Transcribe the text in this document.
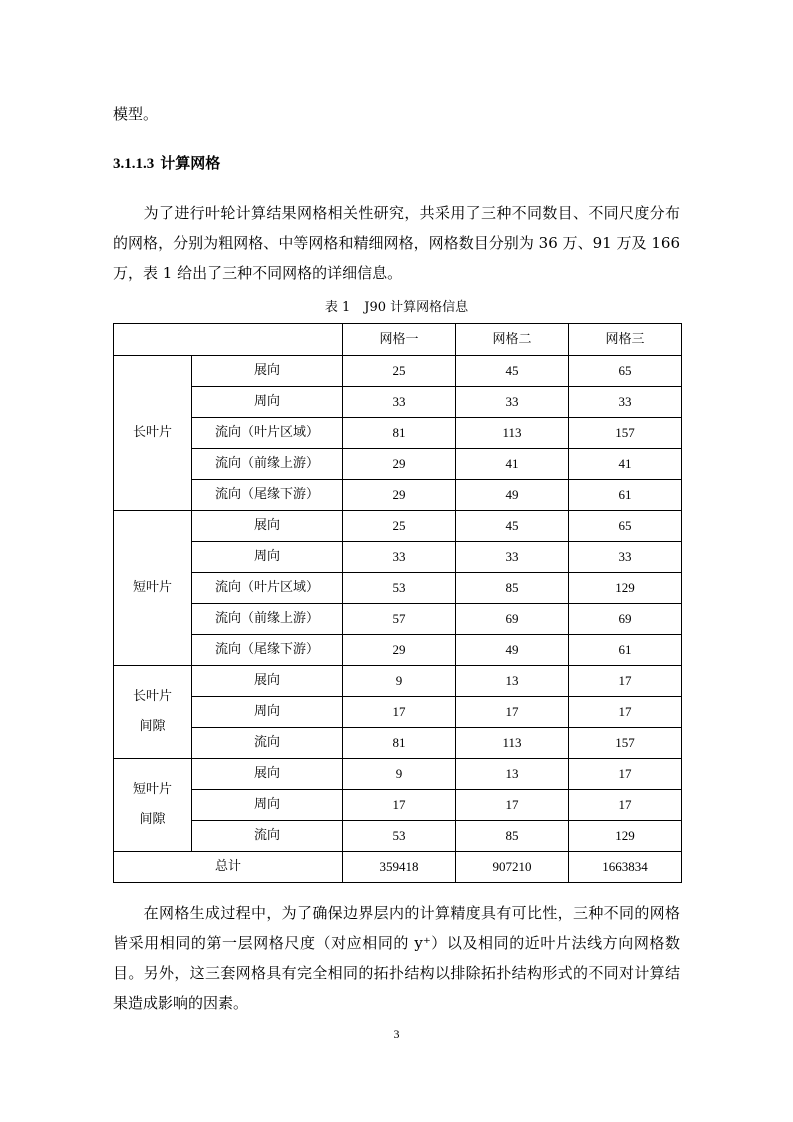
模型。
3.1.1.3 计算网格
　　为了进行叶轮计算结果网格相关性研究，共采用了三种不同数目、不同尺度分布的网格，分别为粗网格、中等网格和精细网格，网格数目分别为 36 万、91 万及 166 万，表 1 给出了三种不同网格的详细信息。
表 1 J90 计算网格信息
		网格一	网格二	网格三

长叶片	展向	25	45	65
	周向	33	33	33
	流向（叶片区域）	81	113	157
	流向（前缘上游）	29	41	41
	流向（尾缘下游）	29	49	61

短叶片	展向	25	45	65
	周向	33	33	33
	流向（叶片区域）	53	85	129
	流向（前缘上游）	57	69	69
	流向（尾缘下游）	29	49	61

长叶片
间隙	展向	9	13	17
	周向	17	17	17
	流向	81	113	157

短叶片
间隙	展向	9	13	17
	周向	17	17	17
	流向	53	85	129
总计		359418	907210	1663834
　　在网格生成过程中，为了确保边界层内的计算精度具有可比性，三种不同的网格皆采用相同的第一层网格尺度（对应相同的 y⁺）以及相同的近叶片法线方向网格数目。另外，这三套网格具有完全相同的拓扑结构以排除拓扑结构形式的不同对计算结果造成影响的因素。
3
